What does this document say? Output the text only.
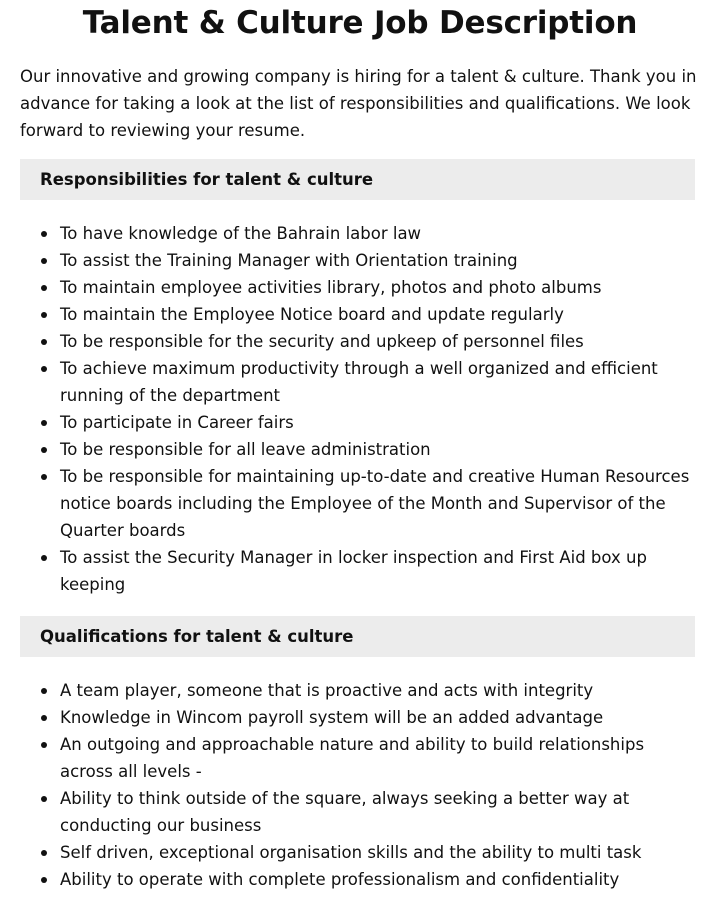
Talent & Culture Job Description

Our innovative and growing company is hiring for a talent & culture. Thank you in advance for taking a look at the list of responsibilities and qualifications. We look forward to reviewing your resume.

Responsibilities for talent & culture
To have knowledge of the Bahrain labor law
To assist the Training Manager with Orientation training
To maintain employee activities library, photos and photo albums
To maintain the Employee Notice board and update regularly
To be responsible for the security and upkeep of personnel files
To achieve maximum productivity through a well organized and efficient running of the department
To participate in Career fairs
To be responsible for all leave administration
To be responsible for maintaining up-to-date and creative Human Resources notice boards including the Employee of the Month and Supervisor of the Quarter boards
To assist the Security Manager in locker inspection and First Aid box up keeping
Qualifications for talent & culture
A team player, someone that is proactive and acts with integrity
Knowledge in Wincom payroll system will be an added advantage
An outgoing and approachable nature and ability to build relationships across all levels -
Ability to think outside of the square, always seeking a better way at conducting our business
Self driven, exceptional organisation skills and the ability to multi task
Ability to operate with complete professionalism and confidentiality
